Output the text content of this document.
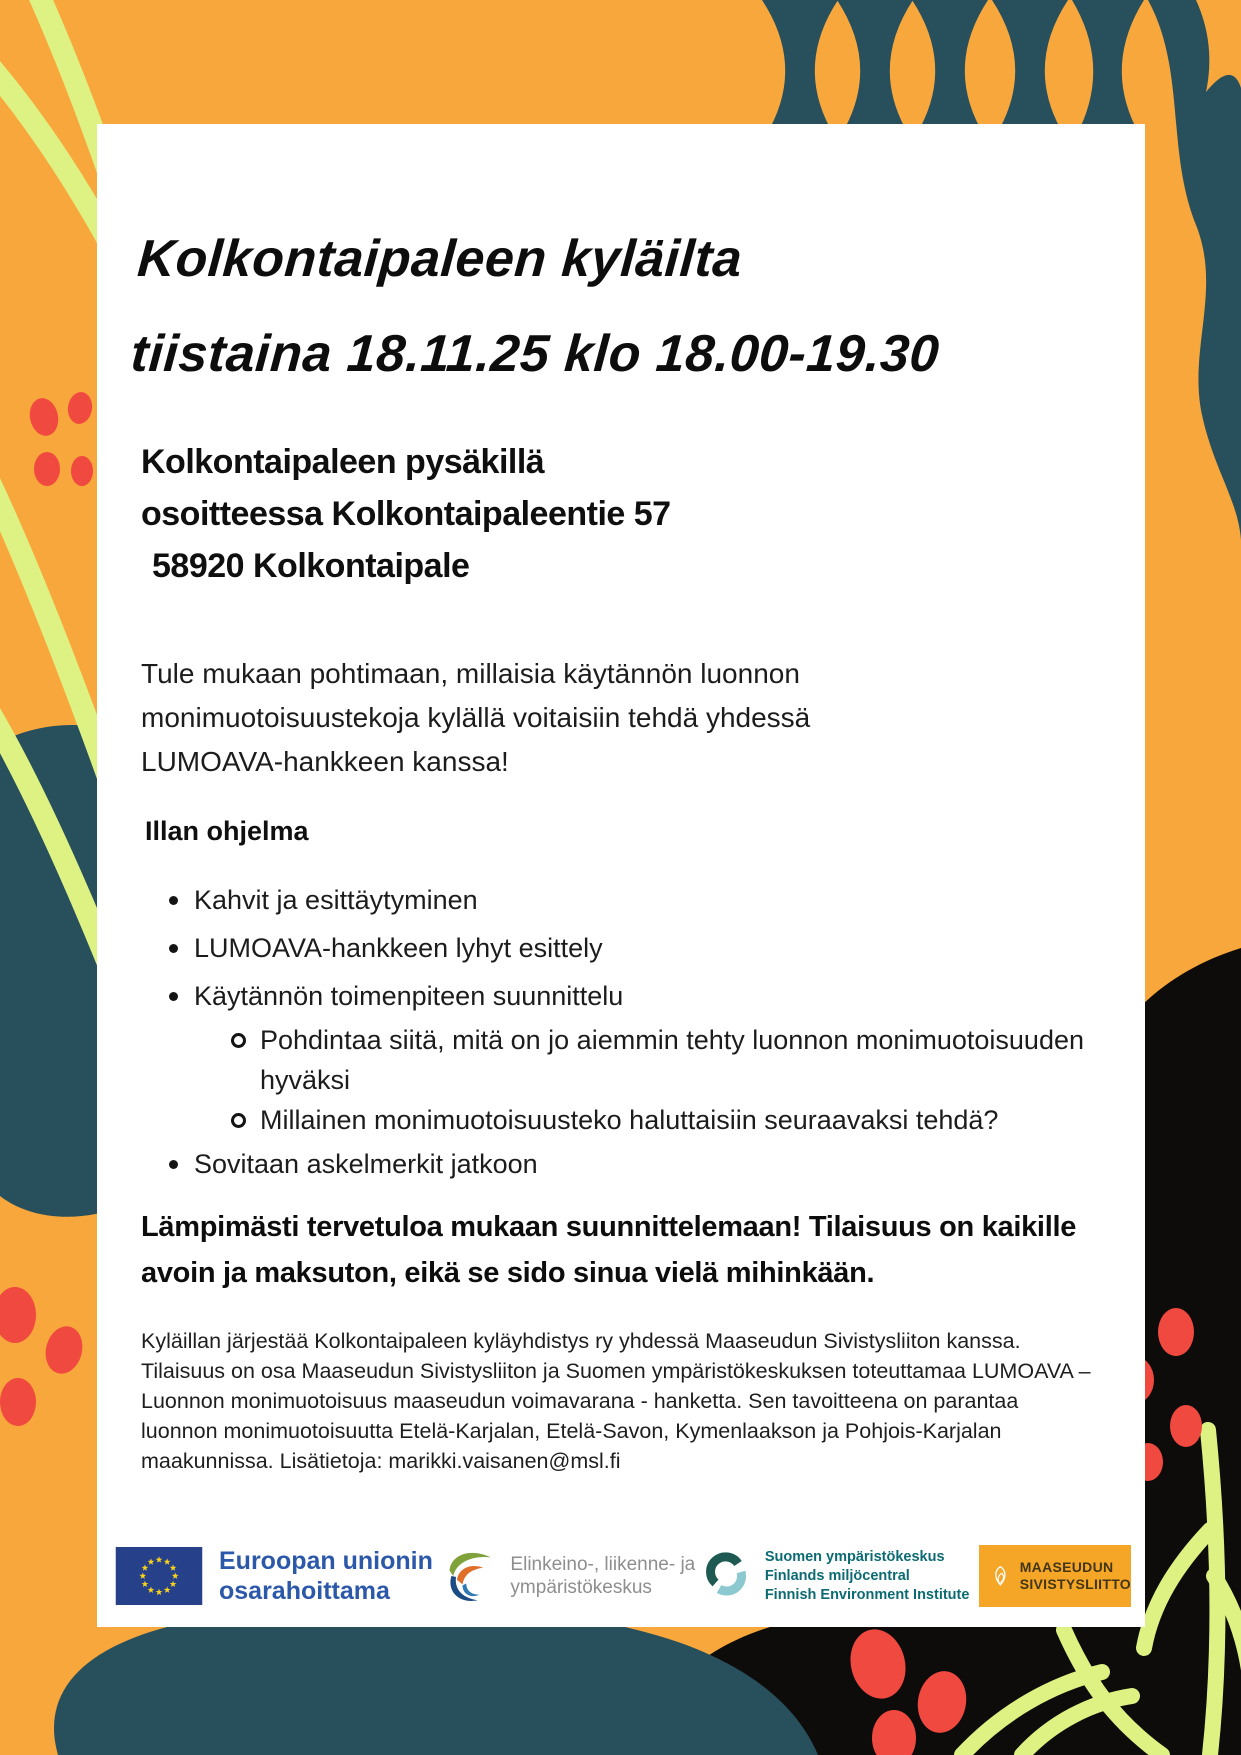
Kolkontaipaleen kyläilta
tiistaina 18.11.25 klo 18.00-19.30
Kolkontaipaleen pysäkillä
osoitteessa Kolkontaipaleentie 57
58920 Kolkontaipale
Tule mukaan pohtimaan, millaisia käytännön luonnon monimuotoisuustekoja kylällä voitaisiin tehdä yhdessä LUMOAVA-hankkeen kanssa!
Illan ohjelma
Kahvit ja esittäytyminen
LUMOAVA-hankkeen lyhyt esittely
Käytännön toimenpiteen suunnittelu
Pohdintaa siitä, mitä on jo aiemmin tehty luonnon monimuotoisuuden hyväksi
Millainen monimuotoisuusteko haluttaisiin seuraavaksi tehdä?
Sovitaan askelmerkit jatkoon
Lämpimästi tervetuloa mukaan suunnittelemaan! Tilaisuus on kaikille avoin ja maksuton, eikä se sido sinua vielä mihinkään.
Kyläillan järjestää Kolkontaipaleen kyläyhdistys ry yhdessä Maaseudun Sivistysliiton kanssa. Tilaisuus on osa Maaseudun Sivistysliiton ja Suomen ympäristökeskuksen toteuttamaa LUMOAVA – Luonnon monimuotoisuus maaseudun voimavarana - hanketta. Sen tavoitteena on parantaa luonnon monimuotoisuutta Etelä-Karjalan, Etelä-Savon, Kymenlaakson ja Pohjois-Karjalan maakunnissa. Lisätietoja: marikki.vaisanen@msl.fi
Euroopan unionin
osarahoittama
Elinkeino-, liikenne- ja
ympäristökeskus
Suomen ympäristökeskus
Finlands miljöcentral
Finnish Environment Institute
MAASEUDUN
SIVISTYSLIITTO
